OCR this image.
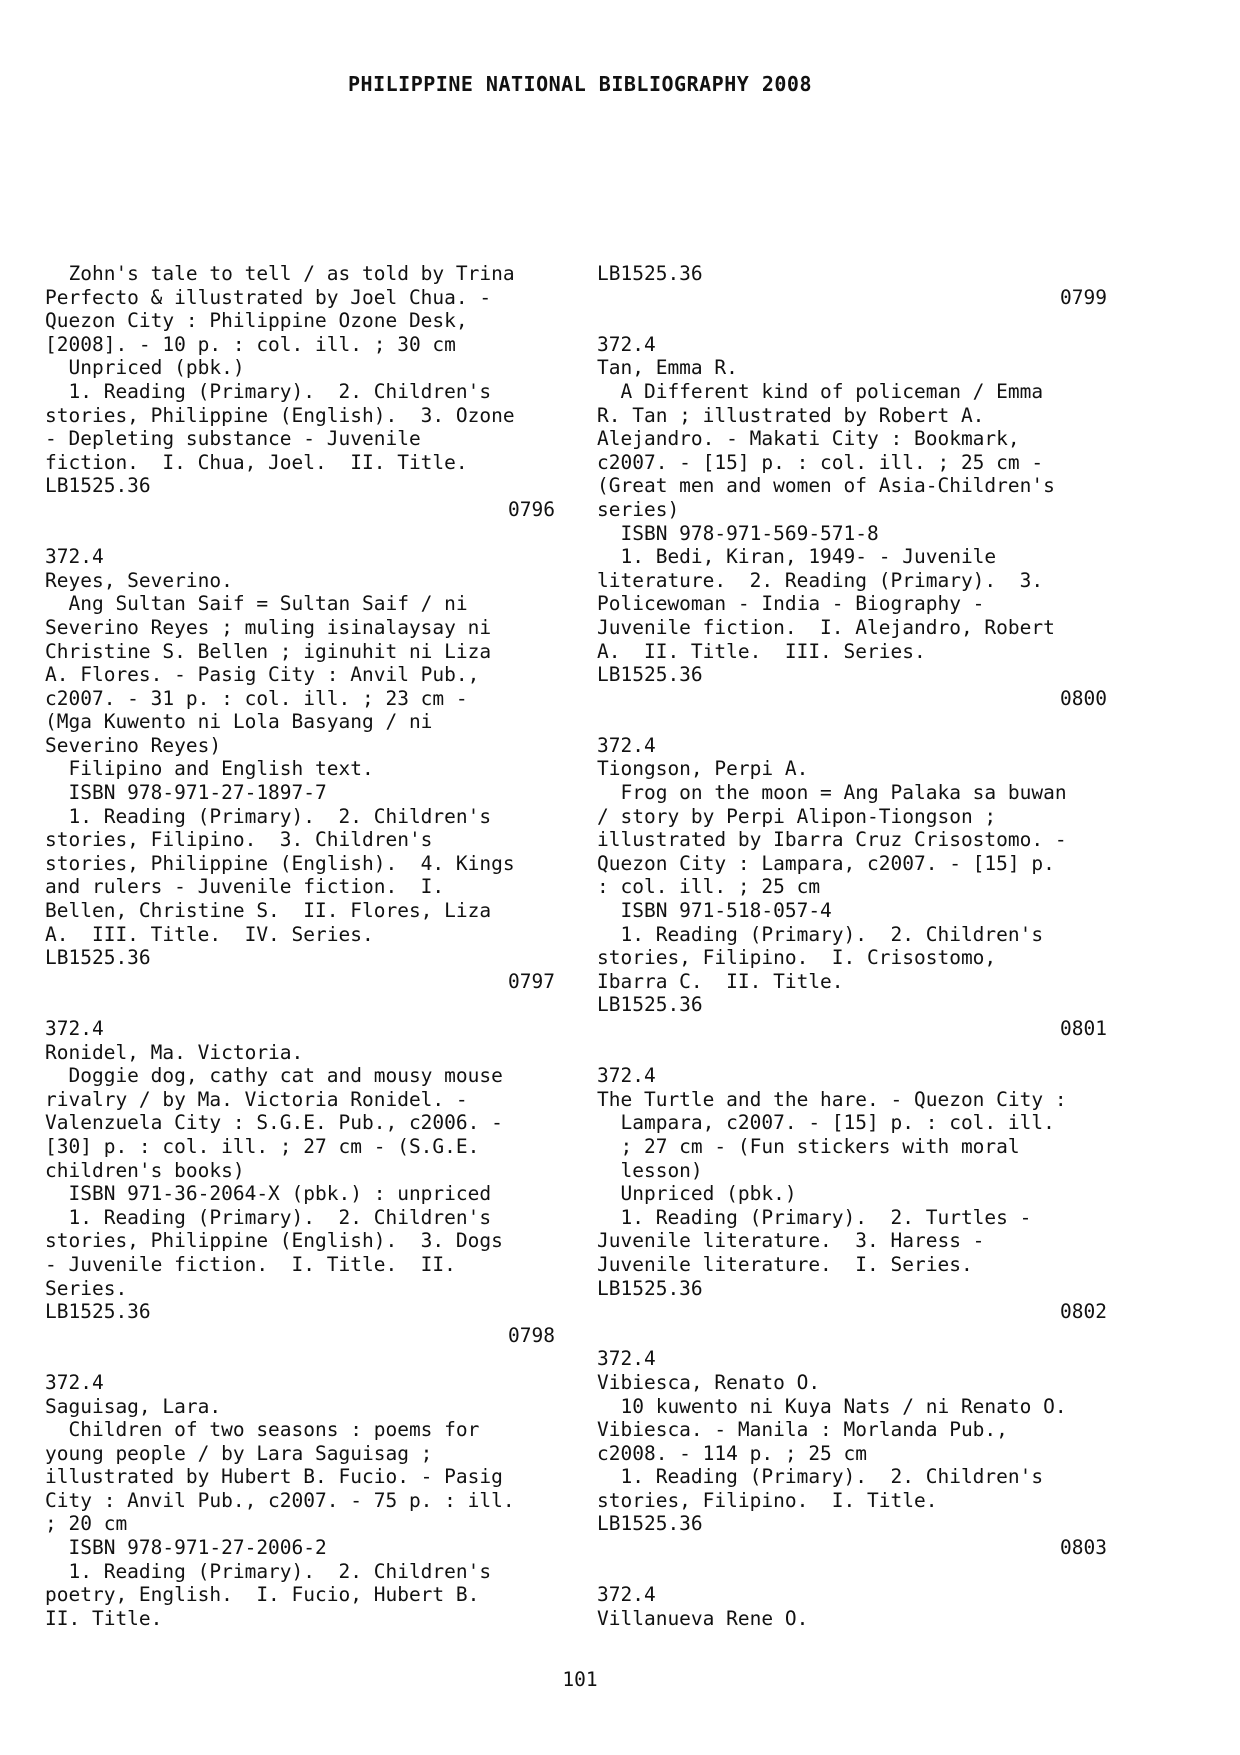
PHILIPPINE NATIONAL BIBLIOGRAPHY 2008
Zohn's tale to tell / as told by Trina
Perfecto & illustrated by Joel Chua. -
Quezon City : Philippine Ozone Desk,
[2008]. - 10 p. : col. ill. ; 30 cm
Unpriced (pbk.)
1. Reading (Primary).  2. Children's
stories, Philippine (English).  3. Ozone
- Depleting substance - Juvenile
fiction.  I. Chua, Joel.  II. Title.
LB1525.36
0796
372.4
Reyes, Severino.
Ang Sultan Saif = Sultan Saif / ni
Severino Reyes ; muling isinalaysay ni
Christine S. Bellen ; iginuhit ni Liza
A. Flores. - Pasig City : Anvil Pub.,
c2007. - 31 p. : col. ill. ; 23 cm -
(Mga Kuwento ni Lola Basyang / ni
Severino Reyes)
Filipino and English text.
ISBN 978-971-27-1897-7
1. Reading (Primary).  2. Children's
stories, Filipino.  3. Children's
stories, Philippine (English).  4. Kings
and rulers - Juvenile fiction.  I.
Bellen, Christine S.  II. Flores, Liza
A.  III. Title.  IV. Series.
LB1525.36
0797
372.4
Ronidel, Ma. Victoria.
Doggie dog, cathy cat and mousy mouse
rivalry / by Ma. Victoria Ronidel. -
Valenzuela City : S.G.E. Pub., c2006. -
[30] p. : col. ill. ; 27 cm - (S.G.E.
children's books)
ISBN 971-36-2064-X (pbk.) : unpriced
1. Reading (Primary).  2. Children's
stories, Philippine (English).  3. Dogs
- Juvenile fiction.  I. Title.  II.
Series.
LB1525.36
0798
372.4
Saguisag, Lara.
Children of two seasons : poems for
young people / by Lara Saguisag ;
illustrated by Hubert B. Fucio. - Pasig
City : Anvil Pub., c2007. - 75 p. : ill.
; 20 cm
ISBN 978-971-27-2006-2
1. Reading (Primary).  2. Children's
poetry, English.  I. Fucio, Hubert B.
II. Title.
LB1525.36
0799
372.4
Tan, Emma R.
A Different kind of policeman / Emma
R. Tan ; illustrated by Robert A.
Alejandro. - Makati City : Bookmark,
c2007. - [15] p. : col. ill. ; 25 cm -
(Great men and women of Asia-Children's
series)
ISBN 978-971-569-571-8
1. Bedi, Kiran, 1949- - Juvenile
literature.  2. Reading (Primary).  3.
Policewoman - India - Biography -
Juvenile fiction.  I. Alejandro, Robert
A.  II. Title.  III. Series.
LB1525.36
0800
372.4
Tiongson, Perpi A.
Frog on the moon = Ang Palaka sa buwan
/ story by Perpi Alipon-Tiongson ;
illustrated by Ibarra Cruz Crisostomo. -
Quezon City : Lampara, c2007. - [15] p.
: col. ill. ; 25 cm
ISBN 971-518-057-4
1. Reading (Primary).  2. Children's
stories, Filipino.  I. Crisostomo,
Ibarra C.  II. Title.
LB1525.36
0801
372.4
The Turtle and the hare. - Quezon City :
Lampara, c2007. - [15] p. : col. ill.
; 27 cm - (Fun stickers with moral
lesson)
Unpriced (pbk.)
1. Reading (Primary).  2. Turtles -
Juvenile literature.  3. Haress -
Juvenile literature.  I. Series.
LB1525.36
0802
372.4
Vibiesca, Renato O.
10 kuwento ni Kuya Nats / ni Renato O.
Vibiesca. - Manila : Morlanda Pub.,
c2008. - 114 p. ; 25 cm
1. Reading (Primary).  2. Children's
stories, Filipino.  I. Title.
LB1525.36
0803
372.4
Villanueva Rene O.
101
